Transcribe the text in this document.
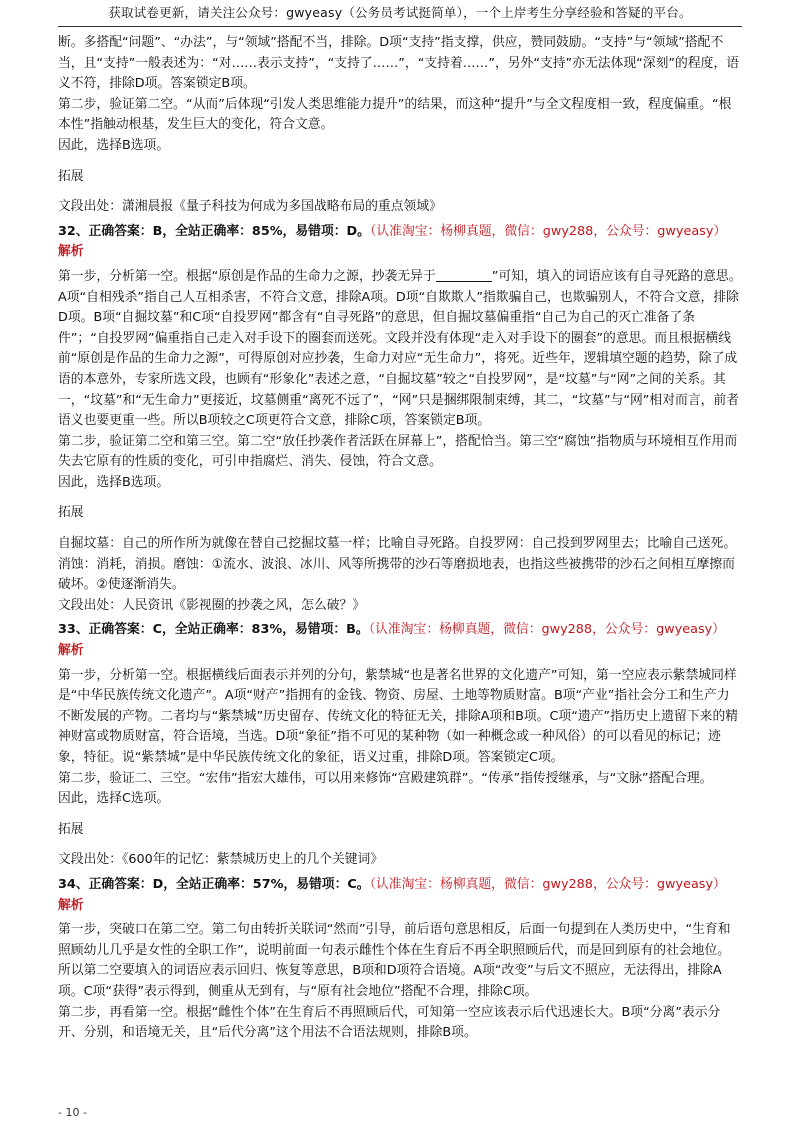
获取试卷更新，请关注公众号：gwyeasy（公务员考试挺简单），一个上岸考生分享经验和答疑的平台。

断。多搭配“问题”、“办法”，与“领域”搭配不当，排除。D项“支持”指支撑，供应，赞同鼓励。“支持”与“领域”搭配不当，且“支持”一般表述为：“对……表示支持”，“支持了……”，“支持着……”，另外“支持”亦无法体现“深刻”的程度，语义不符，排除D项。答案锁定B项。

第二步，验证第二空。“从而”后体现“引发人类思维能力提升”的结果，而这种“提升”与全文程度相一致，程度偏重。“根本性”指触动根基，发生巨大的变化，符合文意。

因此，选择B选项。

拓展

文段出处：潇湘晨报《量子科技为何成为多国战略布局的重点领域》

32、正确答案：B，全站正确率：85%，易错项：D。（认准淘宝：杨柳真题，微信：gwy288，公众号：gwyeasy）

解析

第一步，分析第一空。根据“原创是作品的生命力之源，抄袭无异于	”可知，填入的词语应该有自寻死路的意思。A项“自相残杀”指自己人互相杀害，不符合文意，排除A项。D项“自欺欺人”指欺骗自己，也欺骗别人，不符合文意，排除D项。B项“自掘坟墓”和C项“自投罗网”都含有“自寻死路”的意思，但自掘坟墓偏重指“自己为自己的灭亡准备了条件”；“自投罗网”偏重指自己走入对手设下的圈套而送死。文段并没有体现“走入对手设下的圈套”的意思。而且根据横线前“原创是作品的生命力之源”，可得原创对应抄袭，生命力对应“无生命力”，将死。近些年，逻辑填空题的趋势，除了成语的本意外，专家所选文段，也顾有“形象化”表述之意，“自掘坟墓”较之“自投罗网”，是“坟墓”与“网”之间的关系。其一，“坟墓”和“无生命力”更接近，坟墓侧重“离死不远了”，“网”只是捆绑限制束缚，其二，“坟墓”与“网”相对而言，前者语义也要更重一些。所以B项较之C项更符合文意，排除C项，答案锁定B项。

第二步，验证第二空和第三空。第二空“放任抄袭作者活跃在屏幕上”，搭配恰当。第三空“腐蚀”指物质与环境相互作用而失去它原有的性质的变化，可引申指腐烂、消失、侵蚀，符合文意。

因此，选择B选项。

拓展

自掘坟墓：自己的所作所为就像在替自己挖掘坟墓一样；比喻自寻死路。自投罗网：自己投到罗网里去；比喻自己送死。消蚀：消耗，消损。磨蚀：①流水、波浪、冰川、风等所携带的沙石等磨损地表，也指这些被携带的沙石之间相互摩擦而破坏。②使逐渐消失。

文段出处：人民资讯《影视圈的抄袭之风，怎么破？》

33、正确答案：C，全站正确率：83%，易错项：B。（认准淘宝：杨柳真题，微信：gwy288，公众号：gwyeasy）

解析

第一步，分析第一空。根据横线后面表示并列的分句，紫禁城“也是著名世界的文化遗产”可知，第一空应表示紫禁城同样是“中华民族传统文化遗产”。A项“财产”指拥有的金钱、物资、房屋、土地等物质财富。B项“产业”指社会分工和生产力不断发展的产物。二者均与“紫禁城”历史留存、传统文化的特征无关，排除A项和B项。C项“遗产”指历史上遗留下来的精神财富或物质财富，符合语境，当选。D项“象征”指不可见的某种物（如一种概念或一种风俗）的可以看见的标记；迹象，特征。说“紫禁城”是中华民族传统文化的象征，语义过重，排除D项。答案锁定C项。

第二步，验证二、三空。“宏伟”指宏大雄伟，可以用来修饰“宫殿建筑群”。“传承”指传授继承，与“文脉”搭配合理。

因此，选择C选项。

拓展

文段出处：《600年的记忆：紫禁城历史上的几个关键词》

34、正确答案：D，全站正确率：57%，易错项：C。（认准淘宝：杨柳真题，微信：gwy288，公众号：gwyeasy）

解析

第一步，突破口在第二空。第二句由转折关联词“然而”引导，前后语句意思相反，后面一句提到在人类历史中，“生育和照顾幼儿几乎是女性的全职工作”，说明前面一句表示雌性个体在生育后不再全职照顾后代，而是回到原有的社会地位。所以第二空要填入的词语应表示回归、恢复等意思，B项和D项符合语境。A项“改变”与后文不照应，无法得出，排除A项。C项“获得”表示得到，侧重从无到有，与“原有社会地位”搭配不合理，排除C项。

第二步，再看第一空。根据“雌性个体”在生育后不再照顾后代，可知第一空应该表示后代迅速长大。B项“分离”表示分开、分别，和语境无关，且“后代分离”这个用法不合语法规则，排除B项。

- 10 -
